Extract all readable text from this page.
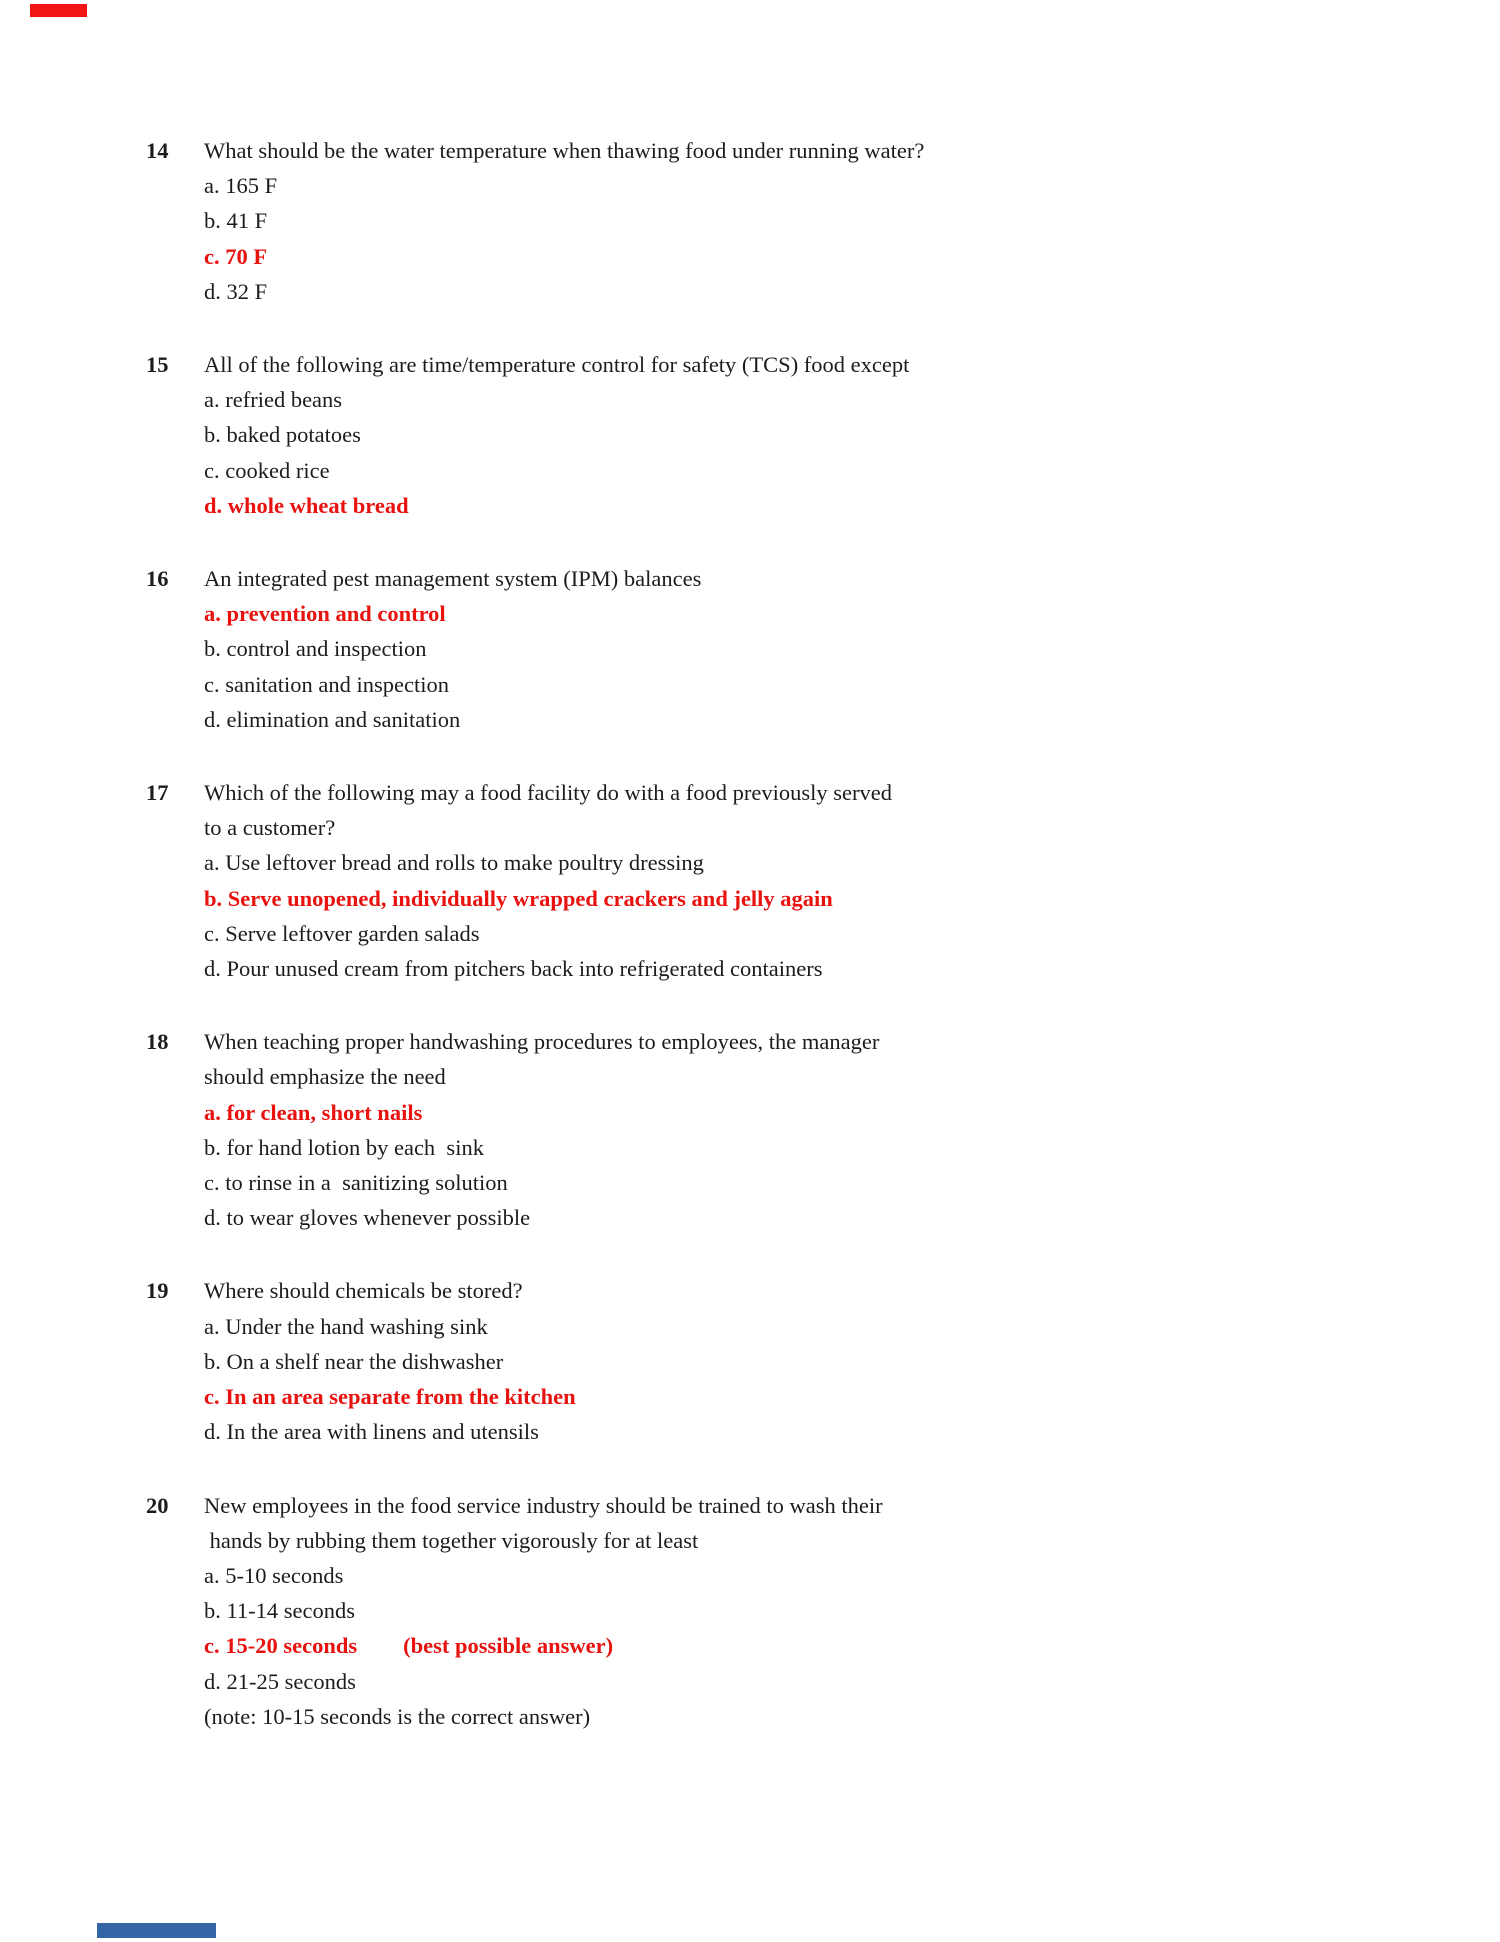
14	What should be the water temperature when thawing food under running water?
a. 165 F
b. 41 F
c. 70 F
d. 32 F
15	All of the following are time/temperature control for safety (TCS) food except
a. refried beans
b. baked potatoes
c. cooked rice
d. whole wheat bread
16	An integrated pest management system (IPM) balances
a. prevention and control
b. control and inspection
c. sanitation and inspection
d. elimination and sanitation
17	Which of the following may a food facility do with a food previously served
to a customer?
a. Use leftover bread and rolls to make poultry dressing
b. Serve unopened, individually wrapped crackers and jelly again
c. Serve leftover garden salads
d. Pour unused cream from pitchers back into refrigerated containers
18	When teaching proper handwashing procedures to employees, the manager
should emphasize the need
a. for clean, short nails
b. for hand lotion by each  sink
c. to rinse in a  sanitizing solution
d. to wear gloves whenever possible
19	Where should chemicals be stored?
a. Under the hand washing sink
b. On a shelf near the dishwasher
c. In an area separate from the kitchen
d. In the area with linens and utensils
20	New employees in the food service industry should be trained to wash their
hands by rubbing them together vigorously for at least
a. 5-10 seconds
b. 11-14 seconds
c. 15-20 seconds (best possible answer)
d. 21-25 seconds
(note: 10-15 seconds is the correct answer)
